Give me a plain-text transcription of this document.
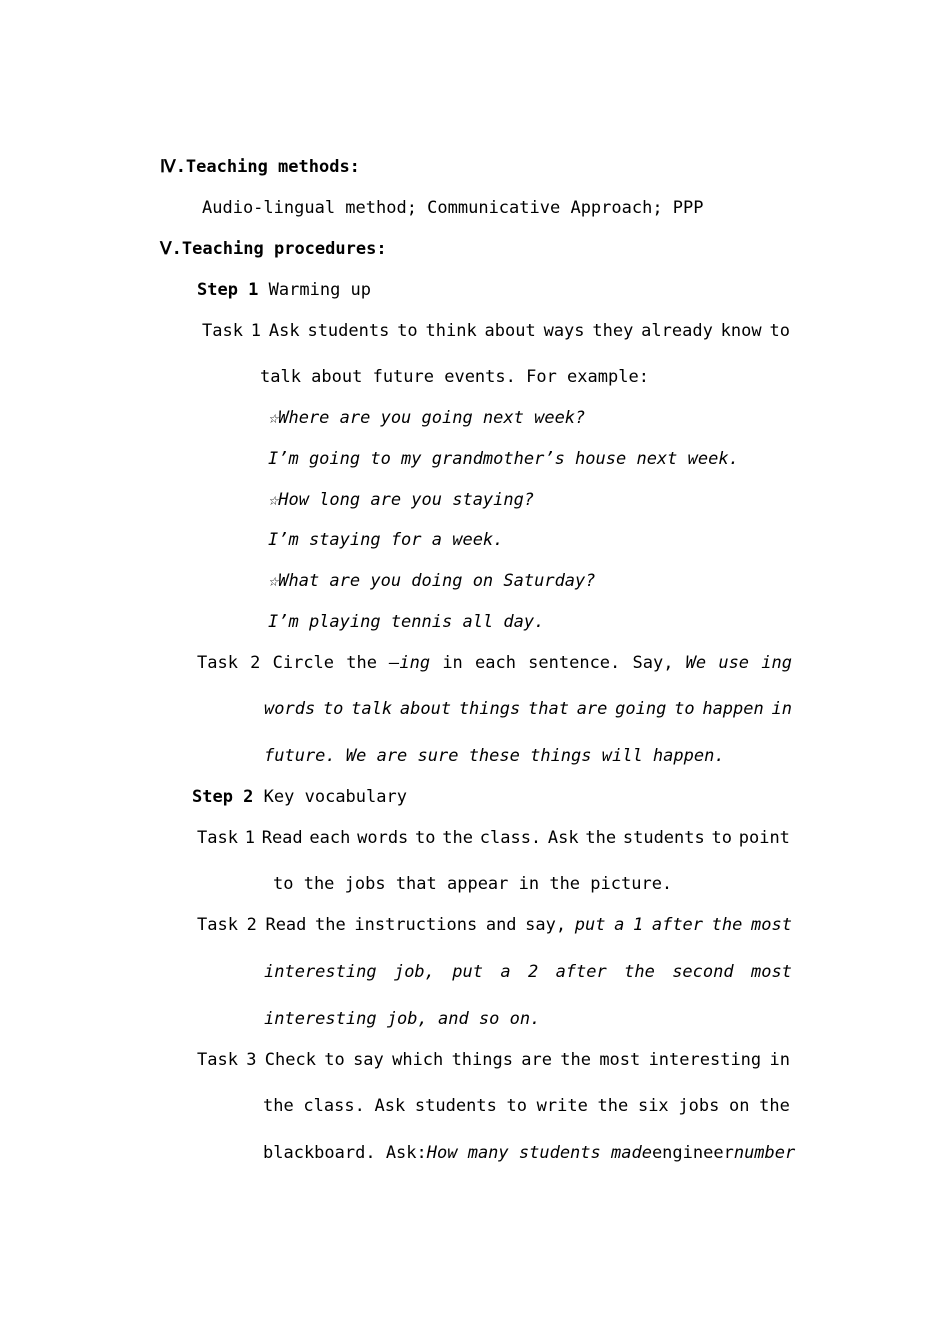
Ⅳ.Teaching methods:
Audio-lingual method; Communicative Approach; PPP
Ⅴ.Teaching procedures:
Step 1 Warming up
Task 1 Ask students to think about ways they already know to
talk about future events. For example:
☆Where are you going next week?
I’m going to my grandmother’s house next week.
☆How long are you staying?
I’m staying for a week.
☆What are you doing on Saturday?
I’m playing tennis all day.
Task 2 Circle the –ing in each sentence. Say, We use ing
words to talk about things that are going to happen in
future. We are sure these things will happen.
Step 2 Key vocabulary
Task 1 Read each words to the class. Ask the students to point
to the jobs that appear in the picture.
Task 2 Read the instructions and say, put a 1 after the most
interesting job, put a 2 after the second most
interesting job, and so on.
Task 3 Check to say which things are the most interesting in
the class. Ask students to write the six jobs on the
blackboard. Ask: How many students made engineer number
